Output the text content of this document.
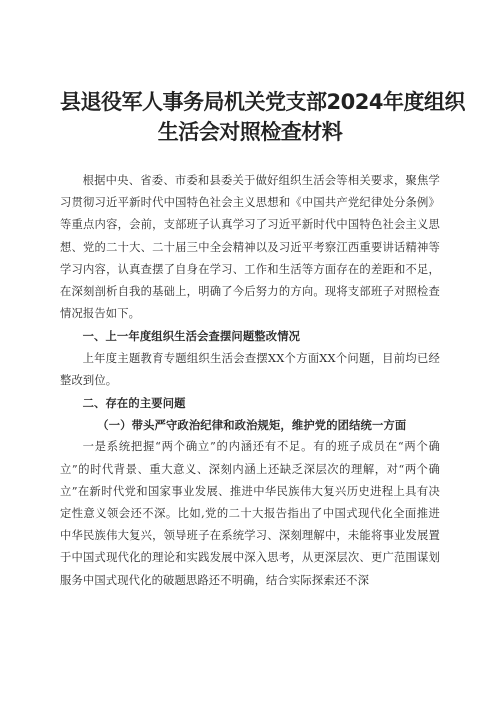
县退役军人事务局机关党支部2024年度组织
生活会对照检查材料

根据中央、省委、市委和县委关于做好组织生活会等相关要求，聚焦学习贯彻习近平新时代中国特色社会主义思想和《中国共产党纪律处分条例》等重点内容，会前，支部班子认真学习了习近平新时代中国特色社会主义思想、党的二十大、二十届三中全会精神以及习近平考察江西重要讲话精神等学习内容，认真查摆了自身在学习、工作和生活等方面存在的差距和不足，在深刻剖析自我的基础上，明确了今后努力的方向。现将支部班子对照检查情况报告如下。

一、上一年度组织生活会查摆问题整改情况

上年度主题教育专题组织生活会查摆XX个方面XX个问题，目前均已经整改到位。

二、存在的主要问题
（一）带头严守政治纪律和政治规矩，维护党的团结统一方面

一是系统把握“两个确立”的内涵还有不足。有的班子成员在“两个确立”的时代背景、重大意义、深刻内涵上还缺乏深层次的理解，对“两个确立”在新时代党和国家事业发展、推进中华民族伟大复兴历史进程上具有决定性意义领会还不深。比如,党的二十大报告指出了中国式现代化全面推进中华民族伟大复兴，领导班子在系统学习、深刻理解中，未能将事业发展置于中国式现代化的理论和实践发展中深入思考，从更深层次、更广范围谋划服务中国式现代化的破题思路还不明确，结合实际探索还不深
